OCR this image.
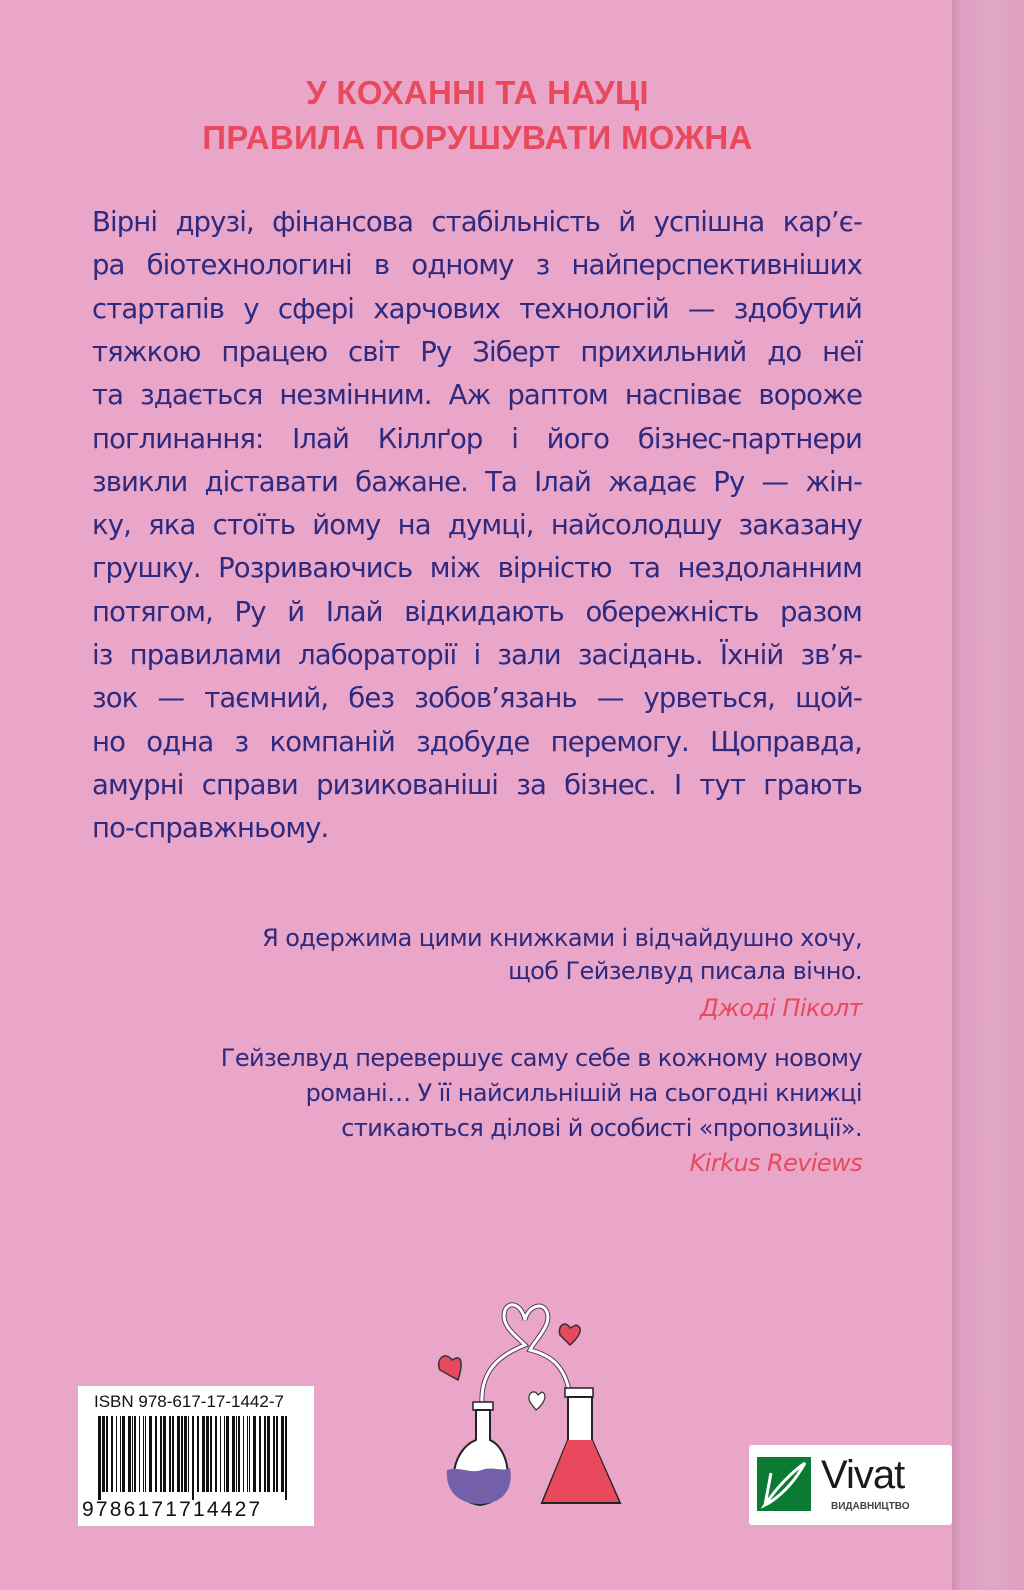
У КОХАННІ ТА НАУЦІ
ПРАВИЛА ПОРУШУВАТИ МОЖНА
Вірні друзі, фінансова стабільність й успішна кар’є-
ра біотехнологині в одному з найперспективніших
стартапів у сфері харчових технологій — здобутий
тяжкою працею світ Ру Зіберт прихильний до неї
та здається незмінним. Аж раптом наспіває вороже
поглинання: Ілай Кіллґор і його бізнес-партнери
звикли діставати бажане. Та Ілай жадає Ру — жін-
ку, яка стоїть йому на думці, найсолодшу заказану
грушку. Розриваючись між вірністю та нездоланним
потягом, Ру й Ілай відкидають обережність разом
із правилами лабораторії і зали засідань. Їхній зв’я-
зок — таємний, без зобов’язань — урветься, щой-
но одна з компаній здобуде перемогу. Щоправда,
амурні справи ризикованіші за бізнес. І тут грають
по-справжньому.
Я одержима цими книжками і відчайдушно хочу,
щоб Гейзелвуд писала вічно.
Джоді Піколт
Гейзелвуд перевершує саму себе в кожному новому
романі… У її найсильнішій на сьогодні книжці
стикаються ділові й особисті «пропозиції».
Kirkus Reviews
ISBN 978-617-17-1442-7
9786171714427
Vivat
ВИДАВНИЦТВО
